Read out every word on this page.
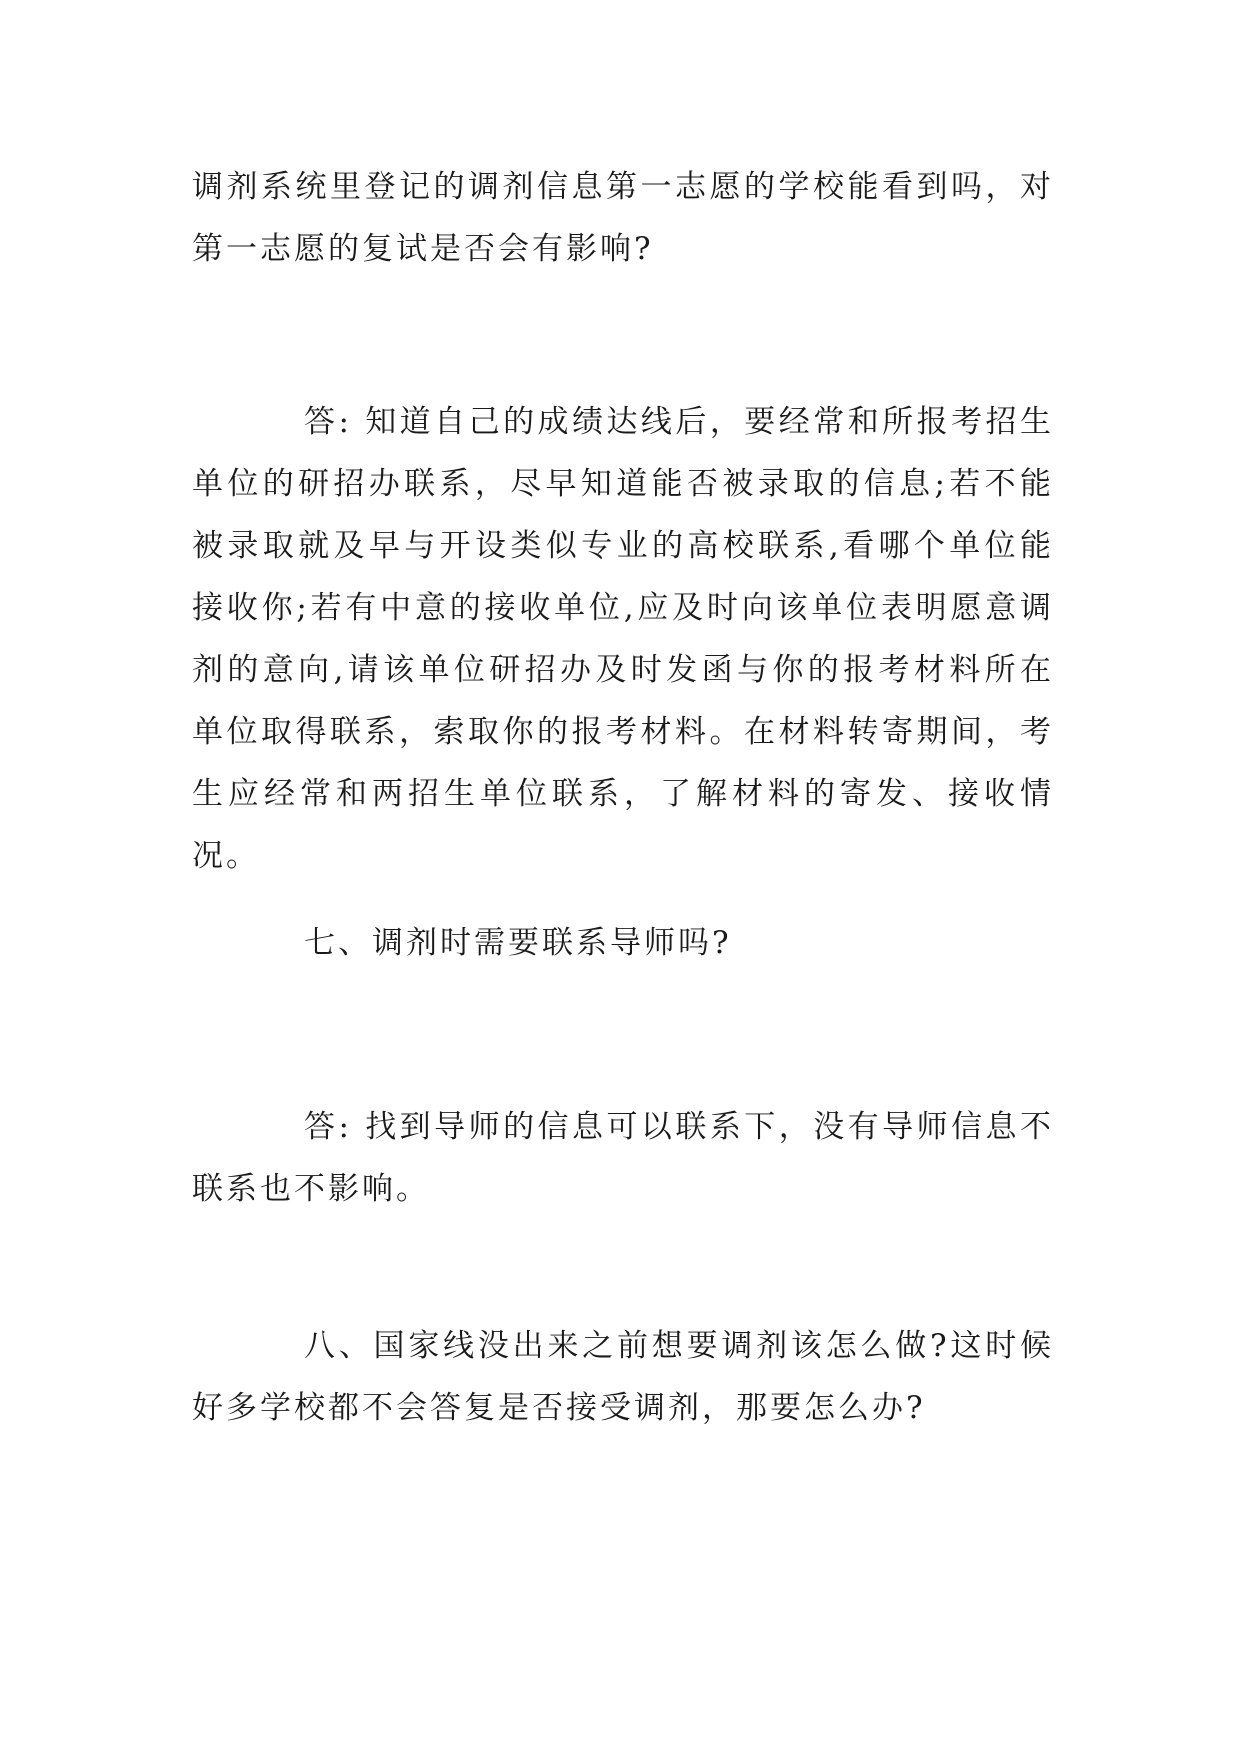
调剂系统里登记的调剂信息第一志愿的学校能看到吗，对第一志愿的复试是否会有影响?

答: 知道自己的成绩达线后，要经常和所报考招生单位的研招办联系，尽早知道能否被录取的信息;若不能被录取就及早与开设类似专业的高校联系,看哪个单位能接收你;若有中意的接收单位,应及时向该单位表明愿意调剂的意向,请该单位研招办及时发函与你的报考材料所在单位取得联系，索取你的报考材料。在材料转寄期间，考生应经常和两招生单位联系，了解材料的寄发、接收情况。

七、调剂时需要联系导师吗?

答: 找到导师的信息可以联系下，没有导师信息不联系也不影响。

八、国家线没出来之前想要调剂该怎么做?这时候好多学校都不会答复是否接受调剂，那要怎么办?
